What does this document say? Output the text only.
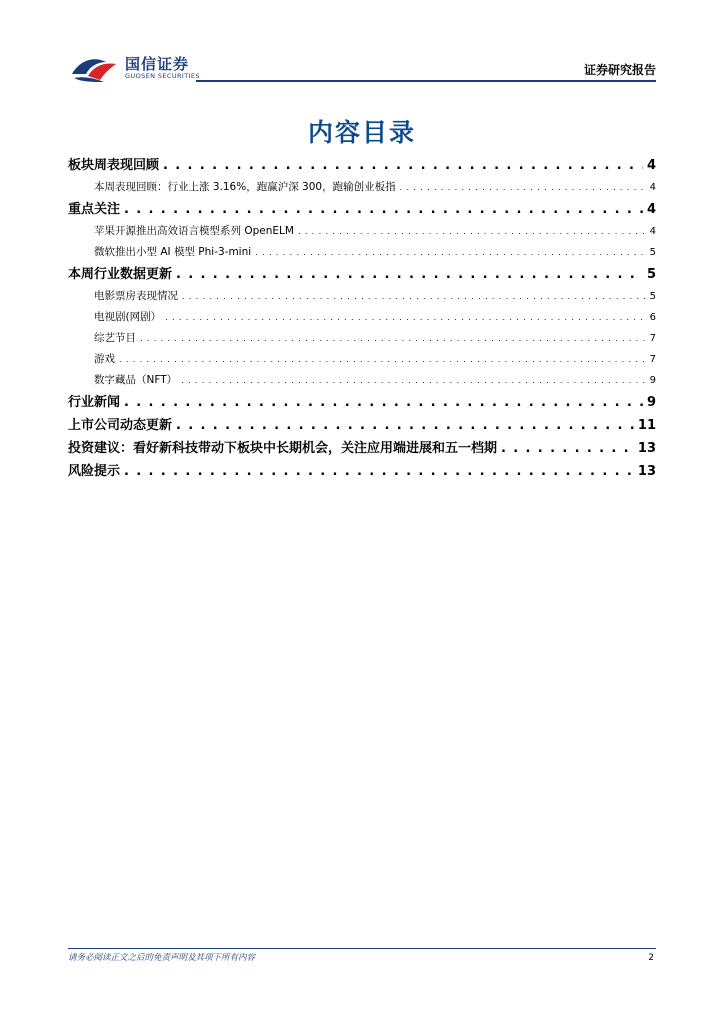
国信证券
GUOSEN SECURITIES	证券研究报告
内容目录
板块周表现回顾 . . .	4
本周表现回顾：行业上涨 3.16%，跑赢沪深 300，跑输创业板指 . . .	4
重点关注 . . .	4
苹果开源推出高效语言模型系列 OpenELM . . .	4
微软推出小型 AI 模型 Phi-3-mini . . .	5
本周行业数据更新 . . .	5
电影票房表现情况 . . .	5
电视剧(网剧） . . .	6
综艺节目 . . .	7
游戏 . . .	7
数字藏品（NFT） . . .	9
行业新闻 . . .	9
上市公司动态更新 . . .	11
投资建议：看好新科技带动下板块中长期机会，关注应用端进展和五一档期 . . .	13
风险提示 . . .	13
请务必阅读正文之后的免责声明及其项下所有内容	2
